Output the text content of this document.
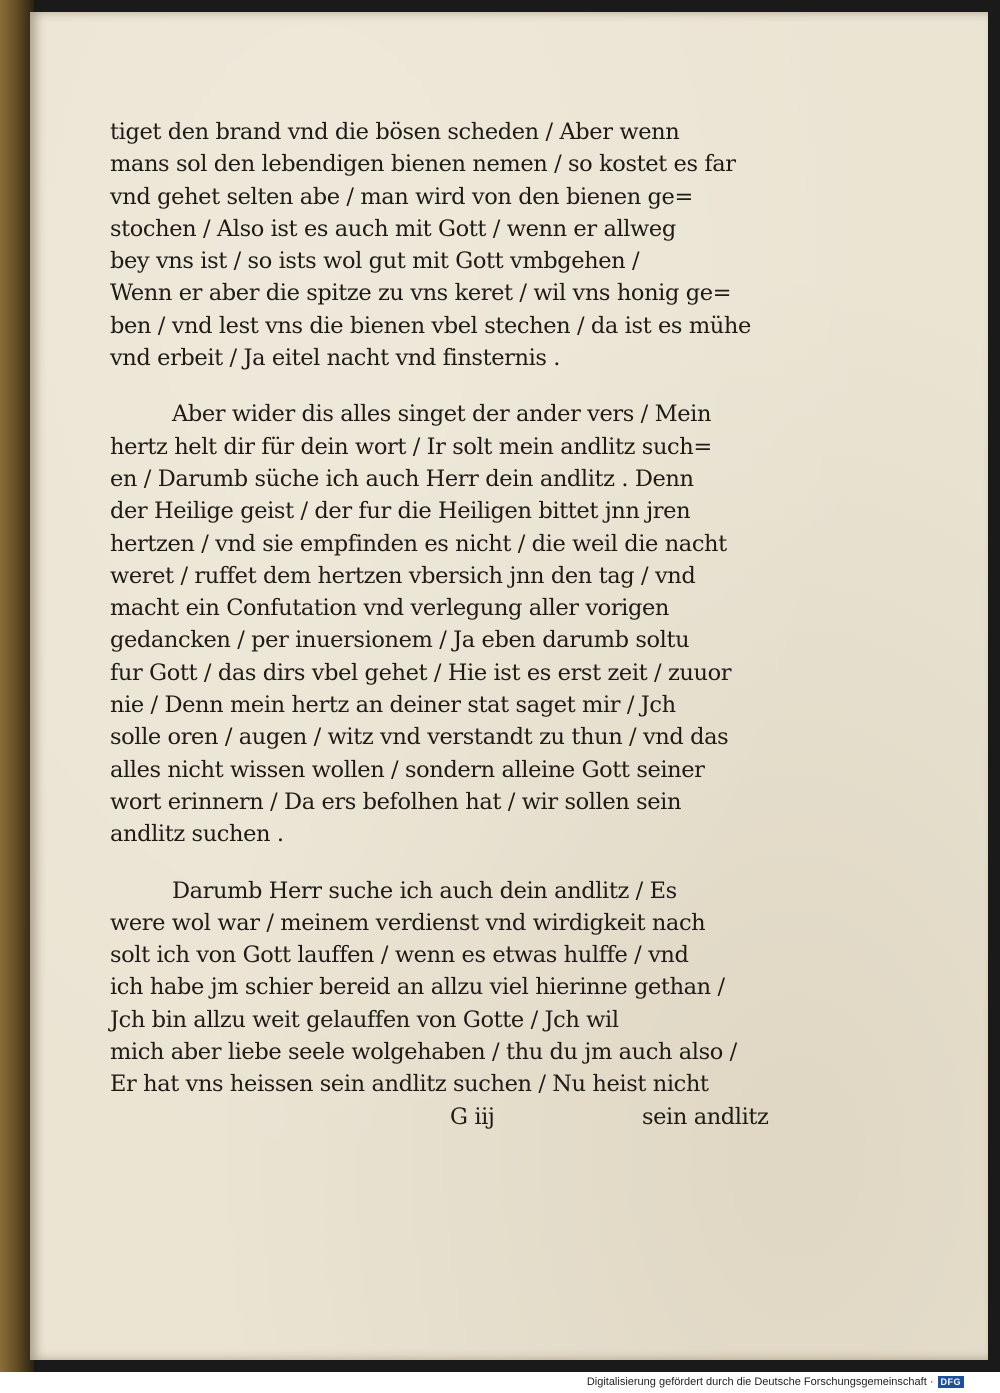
tiget den brand vnd die bösen scheden / Aber wenn
mans sol den lebendigen bienen nemen / so kostet es far
vnd gehet selten abe / man wird von den bienen ge=
stochen / Also ist es auch mit Gott / wenn er allweg
bey vns ist / so ists wol gut mit Gott vmbgehen /
Wenn er aber die spitze zu vns keret / wil vns honig ge=
ben / vnd lest vns die bienen vbel stechen / da ist es mühe
vnd erbeit / Ja eitel nacht vnd finsternis .
Aber wider dis alles singet der ander vers / Mein
hertz helt dir für dein wort / Ir solt mein andlitz such=
en / Darumb süche ich auch Herr dein andlitz . Denn
der Heilige geist / der fur die Heiligen bittet jnn jren
hertzen / vnd sie empfinden es nicht / die weil die nacht
weret / ruffet dem hertzen vbersich jnn den tag / vnd
macht ein Confutation vnd verlegung aller vorigen
gedancken / per inuersionem / Ja eben darumb soltu
fur Gott / das dirs vbel gehet / Hie ist es erst zeit / zuuor
nie / Denn mein hertz an deiner stat saget mir / Jch
solle oren / augen / witz vnd verstandt zu thun / vnd das
alles nicht wissen wollen / sondern alleine Gott seiner
wort erinnern / Da ers befolhen hat / wir sollen sein
andlitz suchen .
Darumb Herr suche ich auch dein andlitz / Es
were wol war / meinem verdienst vnd wirdigkeit nach
solt ich von Gott lauffen / wenn es etwas hulffe / vnd
ich habe jm schier bereid an allzu viel hierinne gethan /
Jch bin allzu weit gelauffen von Gotte / Jch wil
mich aber liebe seele wolgehaben / thu du jm auch also /
Er hat vns heissen sein andlitz suchen / Nu heist nicht
G iij	sein andlitz
Digitalisierung gefördert durch die Deutsche Forschungsgemeinschaft · DFG
